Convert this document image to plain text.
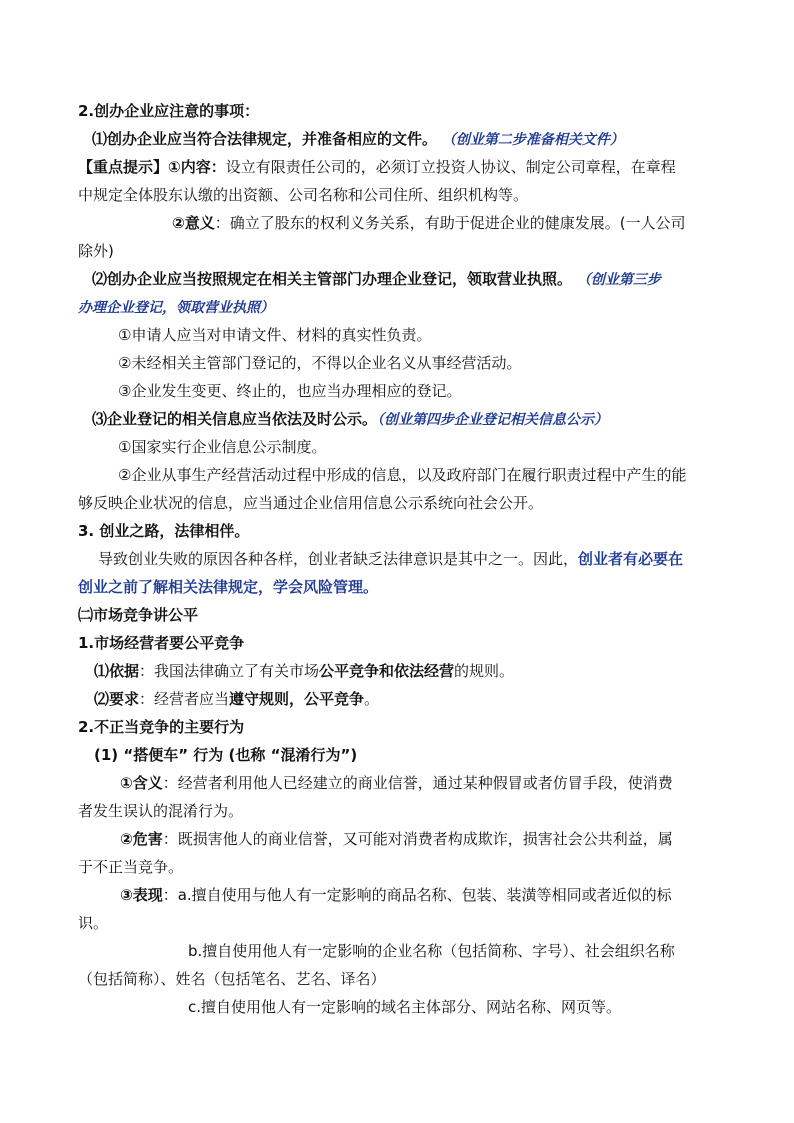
2.创办企业应注意的事项：
⑴创办企业应当符合法律规定，并准备相应的文件。 （创业第二步准备相关文件）
【重点提示】①内容：设立有限责任公司的，必须订立投资人协议、制定公司章程，在章程
中规定全体股东认缴的出资额、公司名称和公司住所、组织机构等。
②意义：确立了股东的权利义务关系，有助于促进企业的健康发展。(一人公司
除外)
⑵创办企业应当按照规定在相关主管部门办理企业登记，领取营业执照。 （创业第三步
办理企业登记，领取营业执照）
①申请人应当对申请文件、材料的真实性负责。
②未经相关主管部门登记的，不得以企业名义从事经营活动。
③企业发生变更、终止的，也应当办理相应的登记。
⑶企业登记的相关信息应当依法及时公示。（创业第四步企业登记相关信息公示）
①国家实行企业信息公示制度。
②企业从事生产经营活动过程中形成的信息，以及政府部门在履行职责过程中产生的能
够反映企业状况的信息，应当通过企业信用信息公示系统向社会公开。
3. 创业之路，法律相伴。
导致创业失败的原因各种各样，创业者缺乏法律意识是其中之一。因此，创业者有必要在
创业之前了解相关法律规定，学会风险管理。
㈡市场竞争讲公平
1.市场经营者要公平竞争
⑴依据：我国法律确立了有关市场公平竞争和依法经营的规则。
⑵要求：经营者应当遵守规则，公平竞争。
2.不正当竞争的主要行为
(1) “搭便车” 行为 (也称 “混淆行为”)
①含义：经营者利用他人已经建立的商业信誉，通过某种假冒或者仿冒手段，使消费
者发生误认的混淆行为。
②危害：既损害他人的商业信誉，又可能对消费者构成欺诈，损害社会公共利益，属
于不正当竞争。
③表现：a.擅自使用与他人有一定影响的商品名称、包装、装潢等相同或者近似的标
识。
b.擅自使用他人有一定影响的企业名称（包括简称、字号）、社会组织名称
（包括简称）、姓名（包括笔名、艺名、译名）
c.擅自使用他人有一定影响的域名主体部分、网站名称、网页等。
